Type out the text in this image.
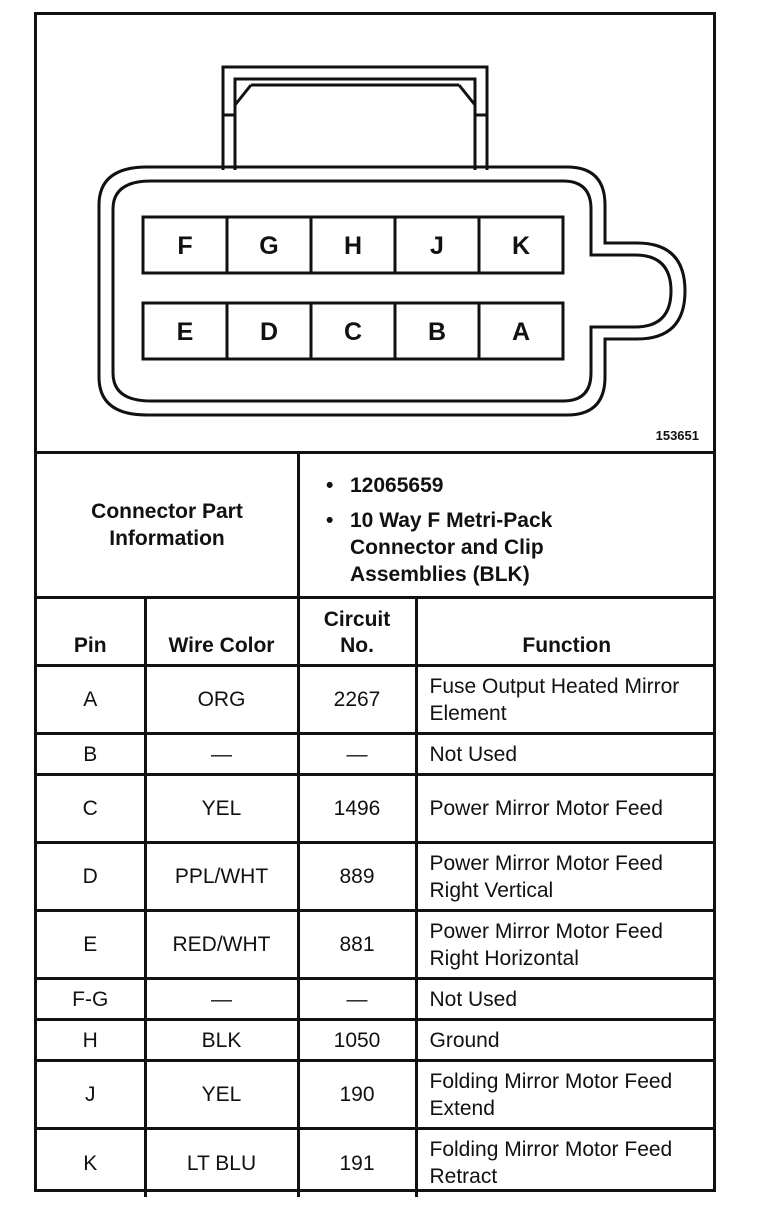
F	G	H	J	K
E	D	C	B	A
153651
Connector Part Information
• 12065659
• 10 Way F Metri-Pack Connector and Clip Assemblies (BLK)
Pin	Wire Color	Circuit No.	Function
A	ORG	2267	Fuse Output Heated Mirror Element
B	—	—	Not Used
C	YEL	1496	Power Mirror Motor Feed
D	PPL/WHT	889	Power Mirror Motor Feed Right Vertical
E	RED/WHT	881	Power Mirror Motor Feed Right Horizontal
F-G	—	—	Not Used
H	BLK	1050	Ground
J	YEL	190	Folding Mirror Motor Feed Extend
K	LT BLU	191	Folding Mirror Motor Feed Retract
